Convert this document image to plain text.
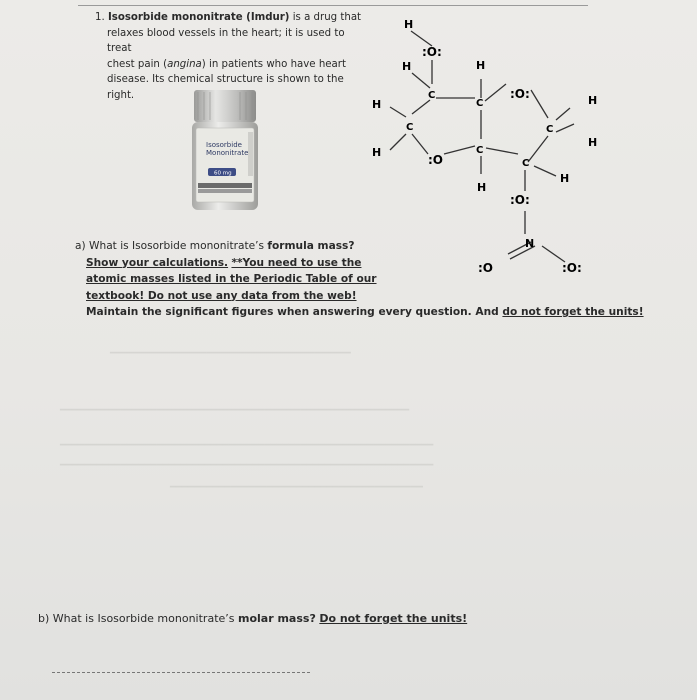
1. Isosorbide mononitrate (Imdur) is a drug that
relaxes blood vessels in the heart; it is used to treat
chest pain (angina) in patients who have heart
disease. Its chemical structure is shown to the right.
Isosorbide
Mononitrate
60 mg
H
:O:
H	H
C
C
:O:
H
C
H
:O
C
H
C
H
H
C
H
:O:
N
:O	:O:
a) What is Isosorbide mononitrate’s formula mass?
Show your calculations. **You need to use the
atomic masses listed in the Periodic Table of our
textbook! Do not use any data from the web!
Maintain the significant figures when answering every question. And do not forget the units!
━━━━━━━━━━━━━━━━━━━━━━━━━━━━━━━━━━━━━━━━
━━━━━━━━━━━━━━━━━━━━━━━━━━━━━━━━━━━━━━━━━━━━━━━━━━━━━━━━━━
━━━━━━━━━━━━━━━━━━━━━━━━━━━━━━━━━━━━━━━━━━━━━━━━━━━━━━━━━━━━━━
━━━━━━━━━━━━━━━━━━━━━━━━━━━━━━━━━━━━━━━━━━━━━━━━━━━━━━━━━━━━━━
━━━━━━━━━━━━━━━━━━━━━━━━━━━━━━━━━━━━━━━━━━
b) What is Isosorbide mononitrate’s molar mass? Do not forget the units!
